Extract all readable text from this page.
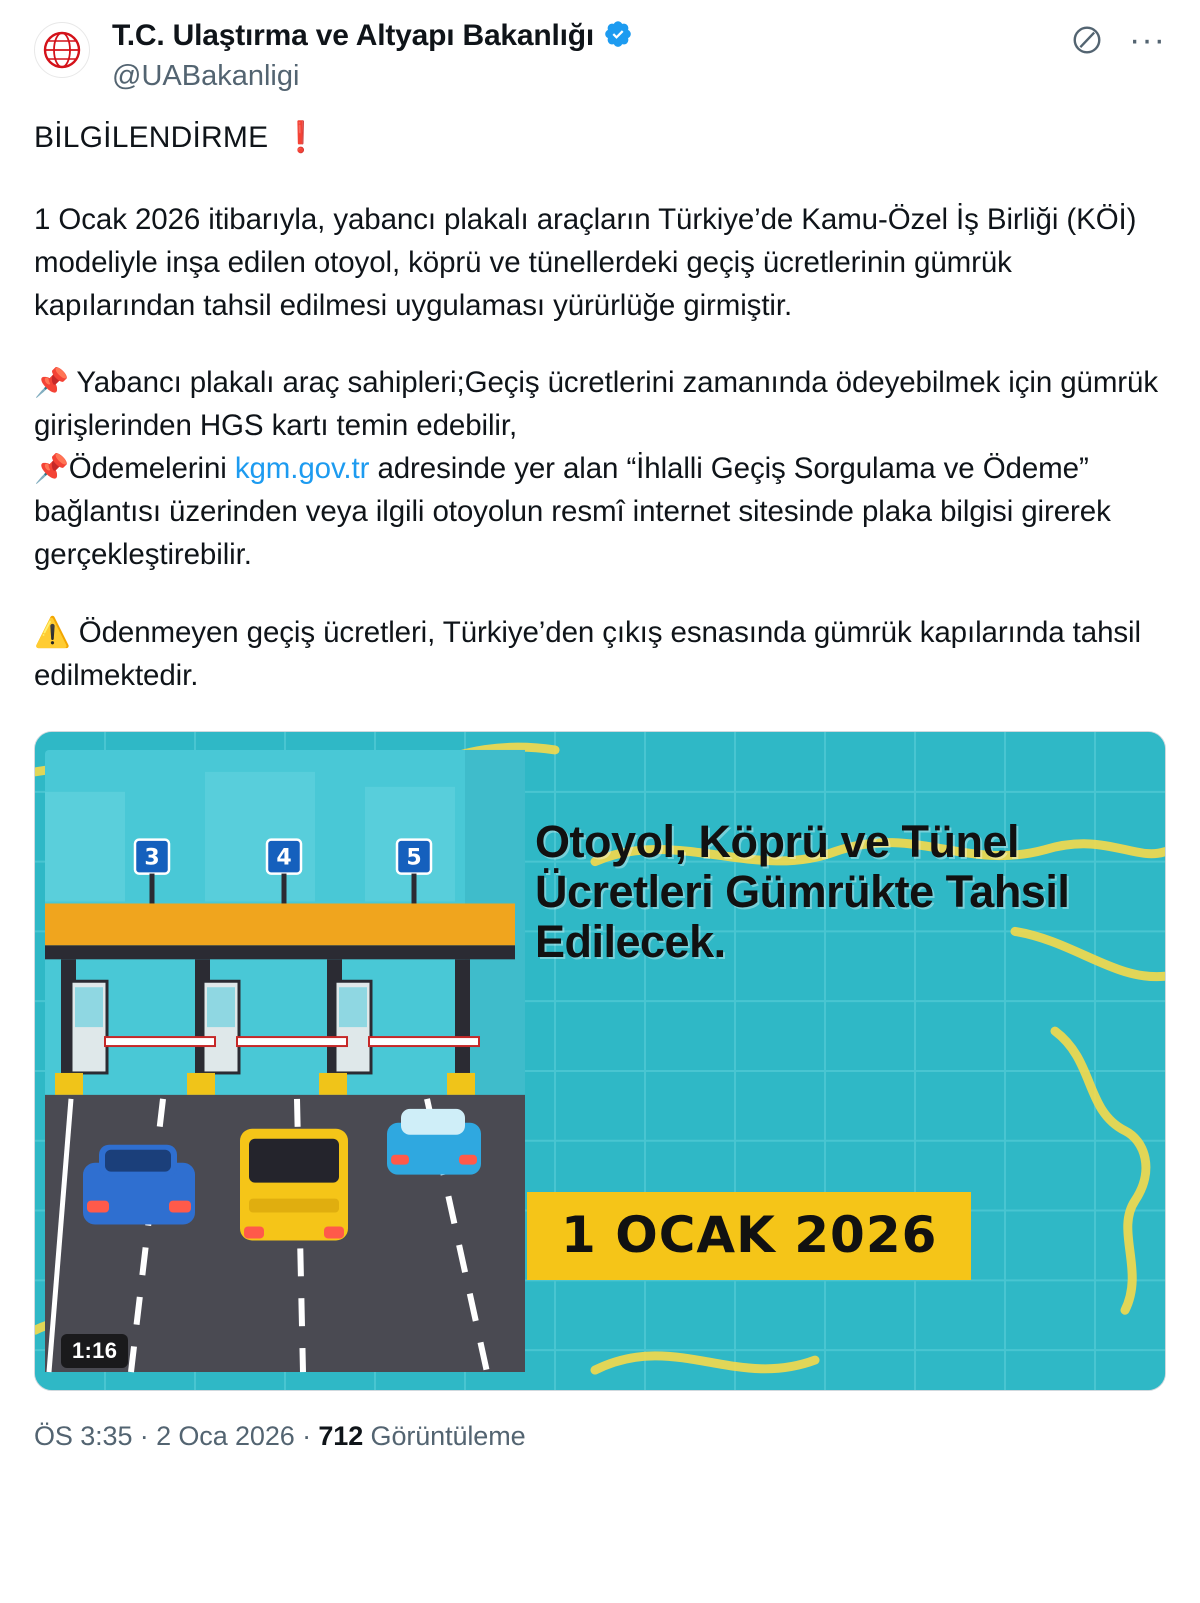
T.C. Ulaştırma ve Altyapı Bakanlığı
@UABakanligi
···
BİLGİLENDİRME ❗

1 Ocak 2026 itibarıyla, yabancı plakalı araçların Türkiye’de Kamu-Özel İş Birliği (KÖİ) modeliyle inşa edilen otoyol, köprü ve tünellerdeki geçiş ücretlerinin gümrük kapılarından tahsil edilmesi uygulaması yürürlüğe girmiştir.

📌 Yabancı plakalı araç sahipleri;Geçiş ücretlerini zamanında ödeyebilmek için gümrük girişlerinden HGS kartı temin edebilir,
📌Ödemelerini kgm.gov.tr adresinde yer alan “İhlalli Geçiş Sorgulama ve Ödeme” bağlantısı üzerinden veya ilgili otoyolun resmî internet sitesinde plaka bilgisi girerek gerçekleştirebilir.

⚠️ Ödenmeyen geçiş ücretleri, Türkiye’den çıkış esnasında gümrük kapılarında tahsil edilmektedir.

3	4	5	Otoyol, Köprü ve Tünel Ücretleri Gümrükte Tahsil Edilecek.
1 OCAK 2026
1:16
ÖS 3:35 · 2 Oca 2026 · 712 Görüntüleme
